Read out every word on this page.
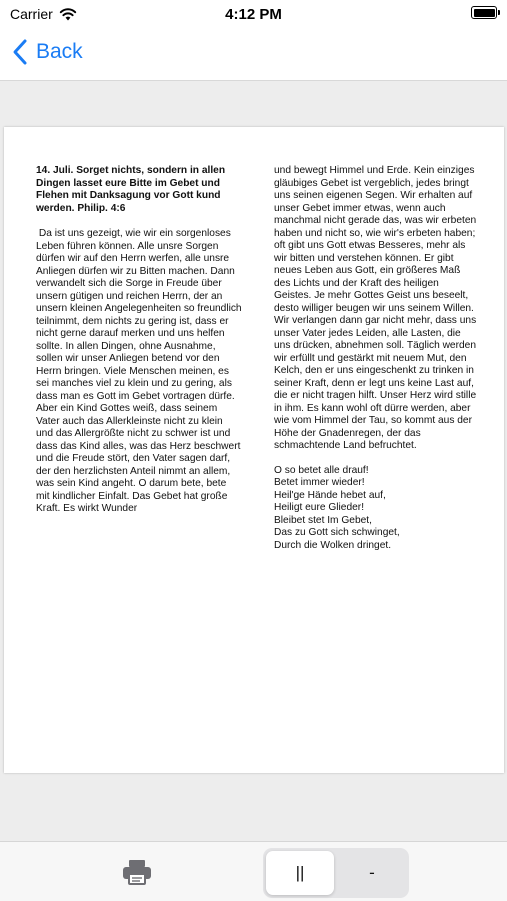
Carrier	4:12 PM
Back

14. Juli. Sorget nichts, sondern in allen Dingen lasset eure Bitte im Gebet und Flehen mit Danksagung vor Gott kund werden. Philip. 4:6

Da ist uns gezeigt, wie wir ein sorgenloses Leben führen können. Alle unsre Sorgen dürfen wir auf den Herrn werfen, alle unsre Anliegen dürfen wir zu Bitten machen. Dann verwandelt sich die Sorge in Freude über unsern gütigen und reichen Herrn, der an unsern kleinen Angelegenheiten so freundlich teilnimmt, dem nichts zu gering ist, dass er nicht gerne darauf merken und uns helfen sollte. In allen Dingen, ohne Ausnahme, sollen wir unser Anliegen betend vor den Herrn bringen. Viele Menschen meinen, es sei manches viel zu klein und zu gering, als dass man es Gott im Gebet vortragen dürfe. Aber ein Kind Gottes weiß, dass seinem Vater auch das Allerkleinste nicht zu klein und das Allergrößte nicht zu schwer ist und dass das Kind alles, was das Herz beschwert und die Freude stört, den Vater sagen darf, der den herzlichsten Anteil nimmt an allem, was sein Kind angeht. O darum bete, bete mit kindlicher Einfalt. Das Gebet hat große Kraft. Es wirkt Wunder

und bewegt Himmel und Erde. Kein einziges gläubiges Gebet ist vergeblich, jedes bringt uns seinen eigenen Segen. Wir erhalten auf unser Gebet immer etwas, wenn auch manchmal nicht gerade das, was wir erbeten haben und nicht so, wie wir's erbeten haben; oft gibt uns Gott etwas Besseres, mehr als wir bitten und verstehen können. Er gibt neues Leben aus Gott, ein größeres Maß des Lichts und der Kraft des heiligen Geistes. Je mehr Gottes Geist uns beseelt, desto williger beugen wir uns seinem Willen. Wir verlangen dann gar nicht mehr, dass uns unser Vater jedes Leiden, alle Lasten, die uns drücken, abnehmen soll. Täglich werden wir erfüllt und gestärkt mit neuem Mut, den Kelch, den er uns eingeschenkt zu trinken in seiner Kraft, denn er legt uns keine Last auf, die er nicht tragen hilft. Unser Herz wird stille in ihm. Es kann wohl oft dürre werden, aber wie vom Himmel der Tau, so kommt aus der Höhe der Gnadenregen, der das schmachtende Land befruchtet.

O so betet alle drauf!
Betet immer wieder!
Heil'ge Hände hebet auf,
Heiligt eure Glieder!
Bleibet stet Im Gebet,
Das zu Gott sich schwinget,
Durch die Wolken dringet.
||	-
